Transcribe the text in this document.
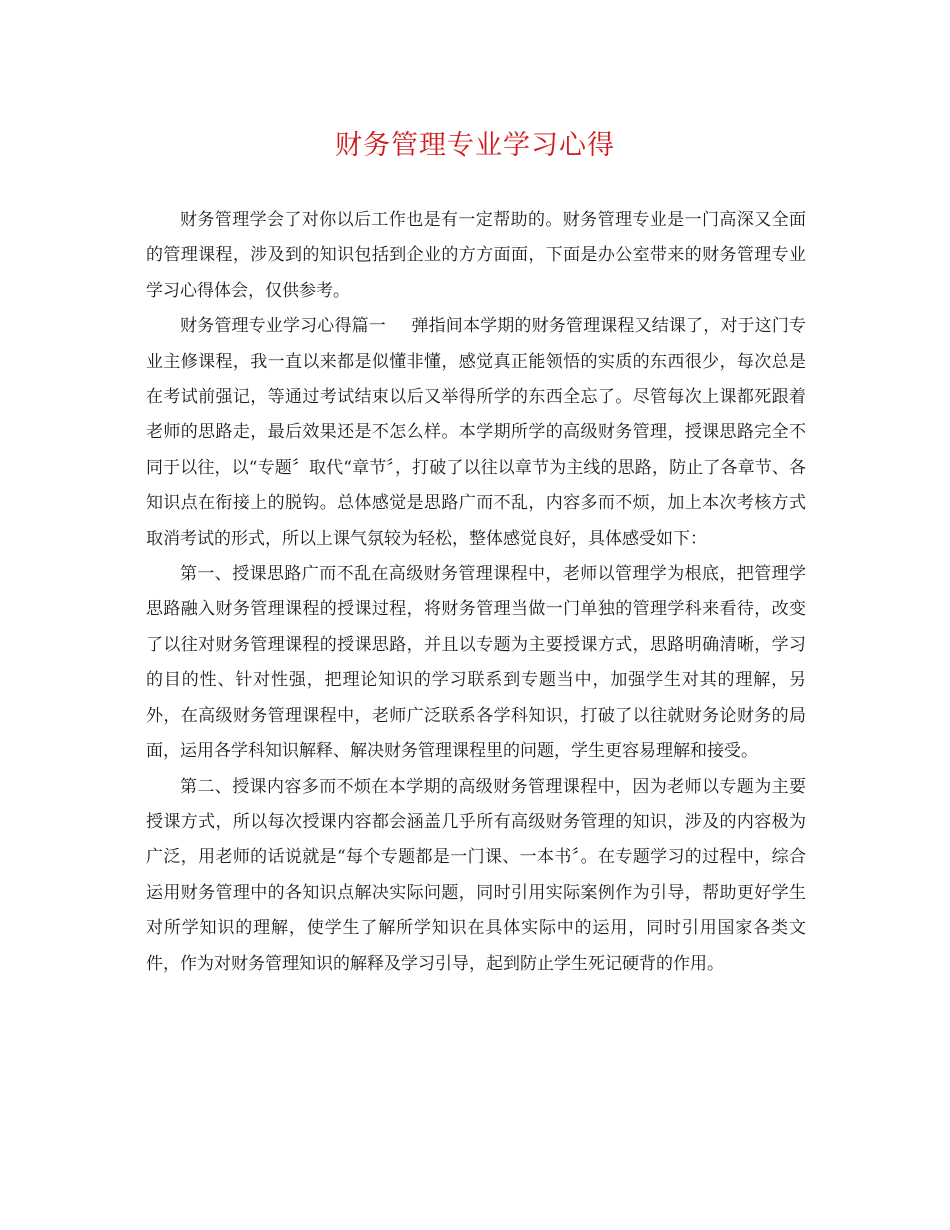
财务管理专业学习心得

财务管理学会了对你以后工作也是有一定帮助的。财务管理专业是一门高深又全面的管理课程，涉及到的知识包括到企业的方方面面，下面是办公室带来的财务管理专业学习心得体会，仅供参考。

财务管理专业学习心得篇一 弹指间本学期的财务管理课程又结课了，对于这门专业主修课程，我一直以来都是似懂非懂，感觉真正能领悟的实质的东西很少，每次总是在考试前强记，等通过考试结束以后又举得所学的东西全忘了。尽管每次上课都死跟着老师的思路走，最后效果还是不怎么样。本学期所学的高级财务管理，授课思路完全不同于以往，以“专题〞取代“章节〞，打破了以往以章节为主线的思路，防止了各章节、各知识点在衔接上的脱钩。总体感觉是思路广而不乱，内容多而不烦，加上本次考核方式取消考试的形式，所以上课气氛较为轻松，整体感觉良好，具体感受如下：

第一、授课思路广而不乱在高级财务管理课程中，老师以管理学为根底，把管理学思路融入财务管理课程的授课过程，将财务管理当做一门单独的管理学科来看待，改变了以往对财务管理课程的授课思路，并且以专题为主要授课方式，思路明确清晰，学习的目的性、针对性强，把理论知识的学习联系到专题当中，加强学生对其的理解，另外，在高级财务管理课程中，老师广泛联系各学科知识，打破了以往就财务论财务的局面，运用各学科知识解释、解决财务管理课程里的问题，学生更容易理解和接受。

第二、授课内容多而不烦在本学期的高级财务管理课程中，因为老师以专题为主要授课方式，所以每次授课内容都会涵盖几乎所有高级财务管理的知识，涉及的内容极为广泛，用老师的话说就是“每个专题都是一门课、一本书〞。在专题学习的过程中，综合运用财务管理中的各知识点解决实际问题，同时引用实际案例作为引导，帮助更好学生对所学知识的理解，使学生了解所学知识在具体实际中的运用，同时引用国家各类文件，作为对财务管理知识的解释及学习引导，起到防止学生死记硬背的作用。
